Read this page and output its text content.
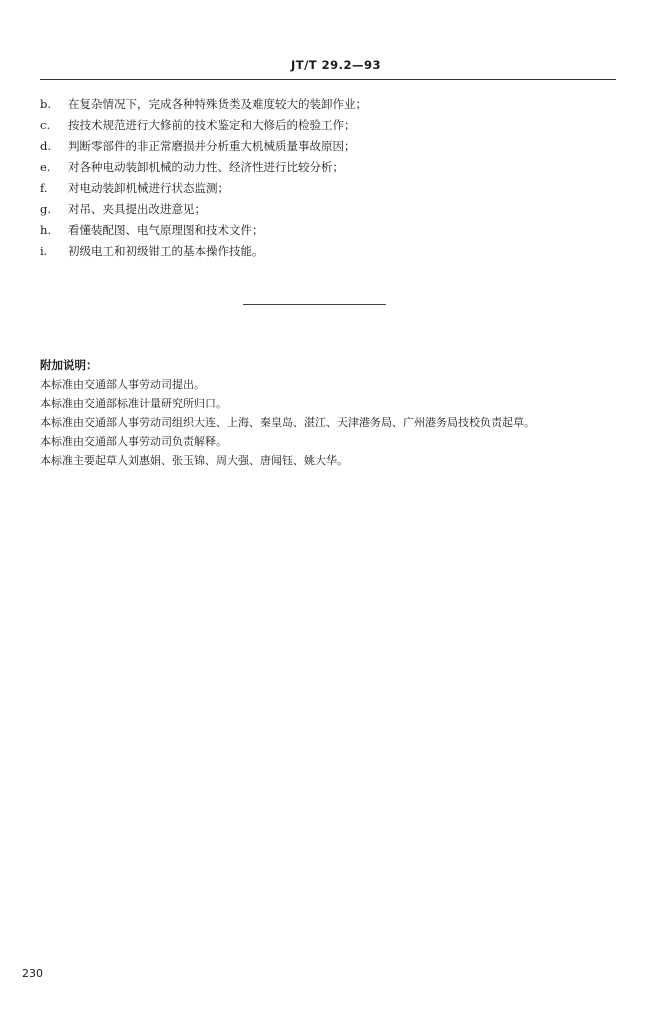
JT/T 29.2—93
b.	在复杂情况下，完成各种特殊货类及难度较大的装卸作业；
c.	按技术规范进行大修前的技术鉴定和大修后的检验工作；
d.	判断零部件的非正常磨损并分析重大机械质量事故原因；
e.	对各种电动装卸机械的动力性、经济性进行比较分析；
f.	对电动装卸机械进行状态监测；
g.	对吊、夹具提出改进意见；
h.	看懂装配图、电气原理图和技术文件；
i.	初级电工和初级钳工的基本操作技能。
附加说明：
本标准由交通部人事劳动司提出。
本标准由交通部标准计量研究所归口。
本标准由交通部人事劳动司组织大连、上海、秦皇岛、湛江、天津港务局、广州港务局技校负责起草。
本标准由交通部人事劳动司负责解释。
本标准主要起草人刘惠娟、张玉锦、周大强、唐闻钰、姚大华。
230
